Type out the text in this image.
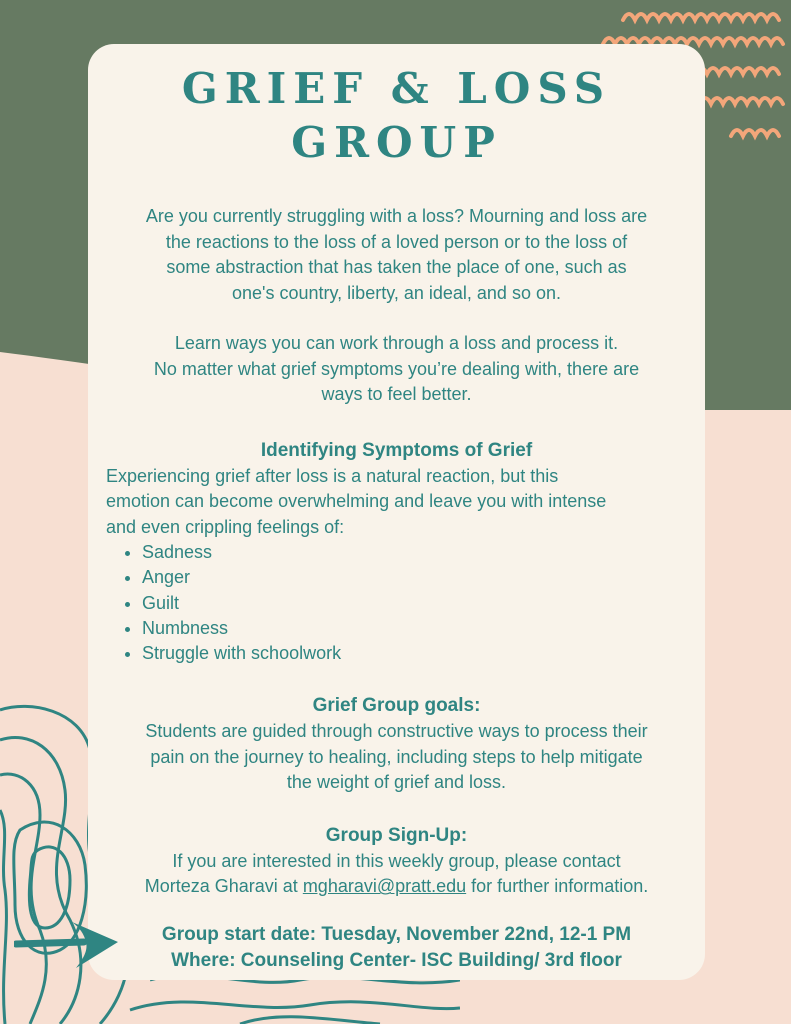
GRIEF & LOSS
GROUP

Are you currently struggling with a loss? Mourning and loss are
the reactions to the loss of a loved person or to the loss of
some abstraction that has taken the place of one, such as
one's country, liberty, an ideal, and so on.

Learn ways you can work through a loss and process it.
No matter what grief symptoms you’re dealing with, there are
ways to feel better.

Identifying Symptoms of Grief

Experiencing grief after loss is a natural reaction, but this
emotion can become overwhelming and leave you with intense
and even crippling feelings of:

• Sadness
• Anger
• Guilt
• Numbness
• Struggle with schoolwork
Grief Group goals:

Students are guided through constructive ways to process their
pain on the journey to healing, including steps to help mitigate
the weight of grief and loss.

Group Sign-Up:

If you are interested in this weekly group, please contact
Morteza Gharavi at mgharavi@pratt.edu for further information.

Group start date: Tuesday, November 22nd, 12-1 PM
Where: Counseling Center- ISC Building/ 3rd floor
